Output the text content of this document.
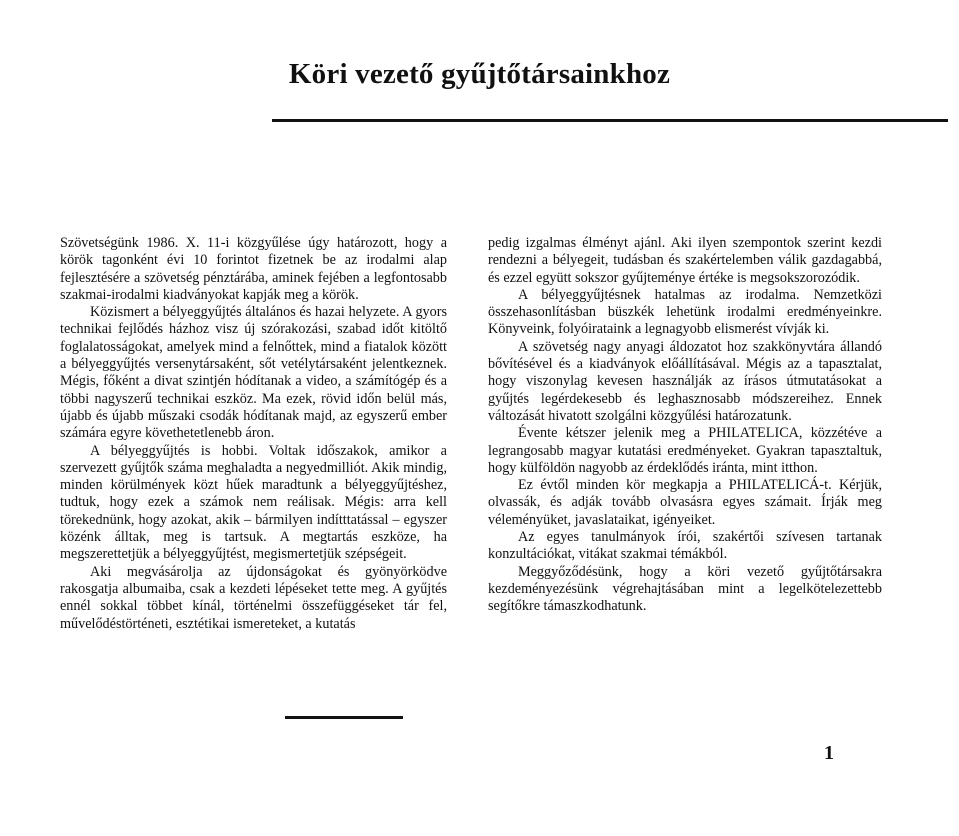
Köri vezető gyűjtőtársainkhoz

Szövetségünk 1986. X. 11-i közgyűlése úgy határozott, hogy a körök tagonként évi 10 forintot fizetnek be az irodalmi alap fejlesztésére a szövetség pénztárába, aminek fejében a legfontosabb szakmai-irodalmi kiadványokat kapják meg a körök.

Közismert a bélyeggyűjtés általános és hazai helyzete. A gyors technikai fejlődés házhoz visz új szórakozási, szabad időt kitöltő foglalatosságokat, amelyek mind a felnőttek, mind a fiatalok között a bélyeggyűjtés versenytársaként, sőt vetélytársaként jelentkeznek. Mégis, főként a divat szintjén hódítanak a video, a számítógép és a többi nagyszerű technikai eszköz. Ma ezek, rövid időn belül más, újabb és újabb műszaki csodák hódítanak majd, az egyszerű ember számára egyre követhetetlenebb áron.

A bélyeggyűjtés is hobbi. Voltak időszakok, amikor a szervezett gyűjtők száma meghaladta a negyedmilliót. Akik mindig, minden körülmények közt hűek maradtunk a bélyeggyűjtéshez, tudtuk, hogy ezek a számok nem reálisak. Mégis: arra kell törekednünk, hogy azokat, akik – bármilyen indítttatással – egyszer közénk álltak, meg is tartsuk. A megtartás eszköze, ha megszerettetjük a bélyeggyűjtést, megismertetjük szépségeit.

Aki megvásárolja az újdonságokat és gyönyörködve rakosgatja albumaiba, csak a kezdeti lépéseket tette meg. A gyűjtés ennél sokkal többet kínál, történelmi összefüggéseket tár fel, művelődéstörténeti, esztétikai ismereteket, a kutatás

pedig izgalmas élményt ajánl. Aki ilyen szempontok szerint kezdi rendezni a bélyegeit, tudásban és szakértelemben válik gazdagabbá, és ezzel együtt sokszor gyűjteménye értéke is megsokszorozódik.

A bélyeggyűjtésnek hatalmas az irodalma. Nemzetközi összehasonlításban büszkék lehetünk irodalmi eredményeinkre. Könyveink, folyóirataink a legnagyobb elismerést vívják ki.

A szövetség nagy anyagi áldozatot hoz szakkönyvtára állandó bővítésével és a kiadványok előállításával. Mégis az a tapasztalat, hogy viszonylag kevesen használják az írásos útmutatásokat a gyűjtés legérdekesebb és leghasznosabb módszereihez. Ennek változását hivatott szolgálni közgyűlési határozatunk.

Évente kétszer jelenik meg a PHILATELICA, közzétéve a legrangosabb magyar kutatási eredményeket. Gyakran tapasztaltuk, hogy külföldön nagyobb az érdeklődés iránta, mint itthon.

Ez évtől minden kör megkapja a PHILATELICÁ-t. Kérjük, olvassák, és adják tovább olvasásra egyes számait. Írják meg véleményüket, javaslataikat, igényeiket.

Az egyes tanulmányok írói, szakértői szívesen tartanak konzultációkat, vitákat szakmai témákból.

Meggyőződésünk, hogy a köri vezető gyűjtőtársakra kezdeményezésünk végrehajtásában mint a legelkötelezettebb segítőkre támaszkodhatunk.

1
